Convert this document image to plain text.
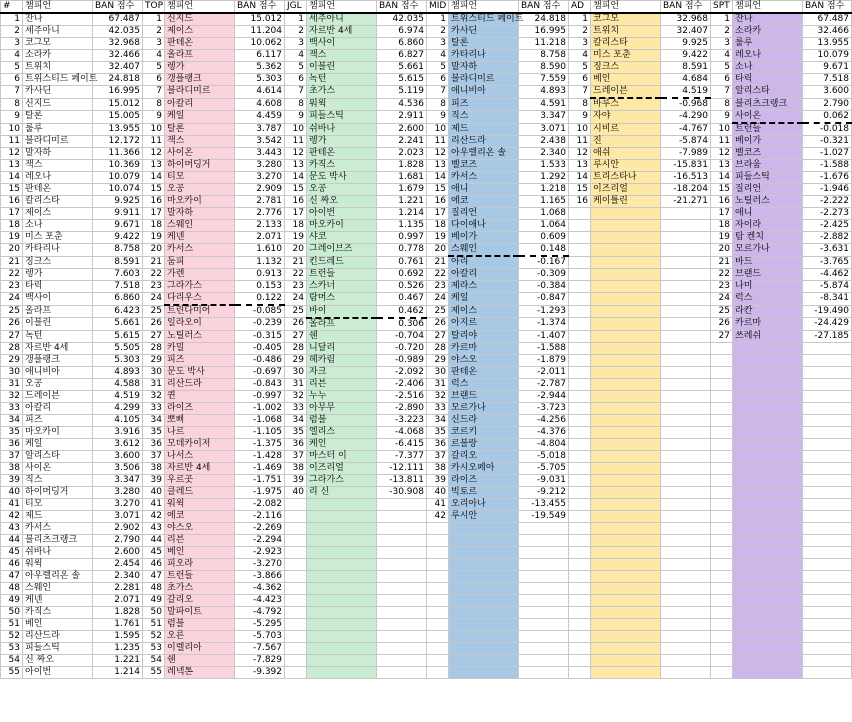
#	챔피언	BAN 점수	TOP	챔피언	BAN 점수	JGL	챔피언	BAN 점수	MID	챔피언	BAN 점수	AD	챔피언	BAN 점수	SPT	챔피언	BAN 점수
1	잔나	67.487	1	신지드	15.012	1	세주아니	42.035	1	트위스티드 페이트	24.818	1	코그모	32.968	1	잔나	67.487
2	세주아니	42.035	2	제이스	11.204	2	자르반 4세	6.974	2	카사딘	16.995	2	트위치	32.407	2	소라카	32.466
3	코그모	32.968	3	판테온	10.062	3	백사이	6.860	3	탈론	11.218	3	칼리스타	9.925	3	룰루	13.955
4	소라카	32.466	4	올라프	6.117	4	잭스	6.827	4	카타리나	8.758	4	미스 포춘	9.422	4	레오나	10.079
5	트위치	32.407	5	렝가	5.362	5	이블린	5.661	5	말자하	8.590	5	징크스	8.591	5	소나	9.671
6	트위스티드 페이트	24.818	6	갱플랭크	5.303	6	녹턴	5.615	6	블라디미르	7.559	6	베인	4.684	6	타릭	7.518
7	카사딘	16.995	7	블라디미르	4.614	7	초가스	5.119	7	애니비아	4.893	7	드레이븐	4.519	7	알리스타	3.600
8	신지드	15.012	8	아칼리	4.608	8	워윅	4.536	8	피즈	4.591	8	바루스	-0.968	8	블리츠크랭크	2.790
9	탈론	15.005	9	케일	4.459	9	피들스틱	2.911	9	직스	3.347	9	자야	-4.290	9	사이온	0.062
10	룰루	13.955	10	탈론	3.787	10	쉬바나	2.600	10	제드	3.071	10	시비르	-4.767	10	트런들	-0.018
11	블라디미르	12.172	11	잭스	3.542	11	렝가	2.241	11	리산드라	2.438	11	진	-5.874	11	베이가	-0.321
12	말자하	11.366	12	사이온	3.443	12	판테온	2.023	12	아우렐리온 솔	2.340	12	애쉬	-7.989	12	벨코즈	-1.027
13	잭스	10.369	13	하이머딩거	3.280	13	카직스	1.828	13	벨코즈	1.533	13	루시안	-15.831	13	브라움	-1.588
14	레오나	10.079	14	티모	3.270	14	문도 박사	1.681	14	카서스	1.292	14	트리스타나	-16.513	14	피들스틱	-1.676
15	판테온	10.074	15	오공	2.909	15	오공	1.679	15	애니	1.218	15	이즈리얼	-18.204	15	질리언	-1.946
16	칼리스타	9.925	16	마오카이	2.781	16	신 짜오	1.221	16	에코	1.165	16	케이틀린	-21.271	16	노틸러스	-2.222
17	제이스	9.911	17	말자하	2.776	17	아이번	1.214	17	질리언	1.068				17	애니	-2.273
18	소나	9.671	18	스웨인	2.133	18	마오카이	1.135	18	다이애나	1.064				18	자이라	-2.425
19	미스 포춘	9.422	19	케넨	2.071	19	샤코	0.997	19	베이가	0.609				19	탐 켄치	-2.882
20	카타리나	8.758	20	카서스	1.610	20	그레이브즈	0.778	20	스웨인	0.148				20	모르가나	-3.631
21	징크스	8.591	21	둠피	1.132	21	킨드레드	0.761	21	아리	-0.167				21	바드	-3.765
22	렝가	7.603	22	가렌	0.913	22	트런들	0.692	22	아칼리	-0.309				22	브랜드	-4.462
23	타릭	7.518	23	그라가스	0.153	23	스카너	0.526	23	제라스	-0.384				23	나미	-5.874
24	백사이	6.860	24	다리우스	0.122	24	람머스	0.467	24	케일	-0.847				24	럭스	-8.341
25	올라프	6.423	25	트린다미어	-0.085	25	바이	0.462	25	제이스	-1.293				25	라칸	-19.490
26	이블린	5.661	26	일라오이	-0.239	26	올라프	0.306	26	아지르	-1.374				26	카르마	-24.429
27	녹턴	5.615	27	노틸러스	-0.315	27	쉔	-0.704	27	탈리야	-1.407				27	쓰레쉬	-27.185
28	자르반 4세	5.505	28	카밀	-0.405	28	니달리	-0.720	28	카르마	-1.588						
29	갱플랭크	5.303	29	피즈	-0.486	29	헤카림	-0.989	29	야스오	-1.879						
30	애니비아	4.893	30	문도 박사	-0.697	30	자크	-2.092	30	판테온	-2.011						
31	오공	4.588	31	리산드라	-0.843	31	리븐	-2.406	31	럭스	-2.787						
32	드레이븐	4.519	32	퀸	-0.997	32	누누	-2.516	32	브랜드	-2.944						
33	아칼리	4.299	33	라이즈	-1.002	33	아무무	-2.890	33	모르가나	-3.723						
34	피즈	4.105	34	뽀삐	-1.068	34	럼블	-3.223	34	신드라	-4.256						
35	마오카이	3.916	35	나르	-1.105	35	엘리스	-4.068	35	코르키	-4.376						
36	케일	3.612	36	모데카이저	-1.375	36	케인	-6.415	36	르블랑	-4.804						
37	알리스타	3.600	37	나서스	-1.428	37	마스터 이	-7.377	37	갈리오	-5.018						
38	사이온	3.506	38	자르반 4세	-1.469	38	이즈리얼	-12.111	38	카시오페아	-5.705						
39	직스	3.347	39	우르곳	-1.751	39	그라가스	-13.811	39	라이즈	-9.031						
40	하이머딩거	3.280	40	클레드	-1.975	40	리 신	-30.908	40	빅토르	-9.212						
41	티모	3.270	41	워윅	-2.082				41	오리아나	-13.455						
42	제드	3.071	42	에코	-2.116				42	루시안	-19.549						
43	카서스	2.902	43	야스오	-2.269												
44	블리츠크랭크	2.790	44	리븐	-2.294												
45	쉬바나	2.600	45	베인	-2.923												
46	워윅	2.454	46	피오라	-3.270												
47	아우렐리온 솔	2.340	47	트런들	-3.866												
48	스웨인	2.281	48	초가스	-4.362												
49	케넨	2.071	49	갈리오	-4.423												
50	카직스	1.828	50	말파이트	-4.792												
51	베인	1.761	51	럼블	-5.295												
52	리산드라	1.595	52	오른	-5.703												
53	피들스틱	1.235	53	이렐리아	-7.567												
54	신 짜오	1.221	54	쉔	-7.829												
55	아이번	1.214	55	레넥톤	-9.392												
